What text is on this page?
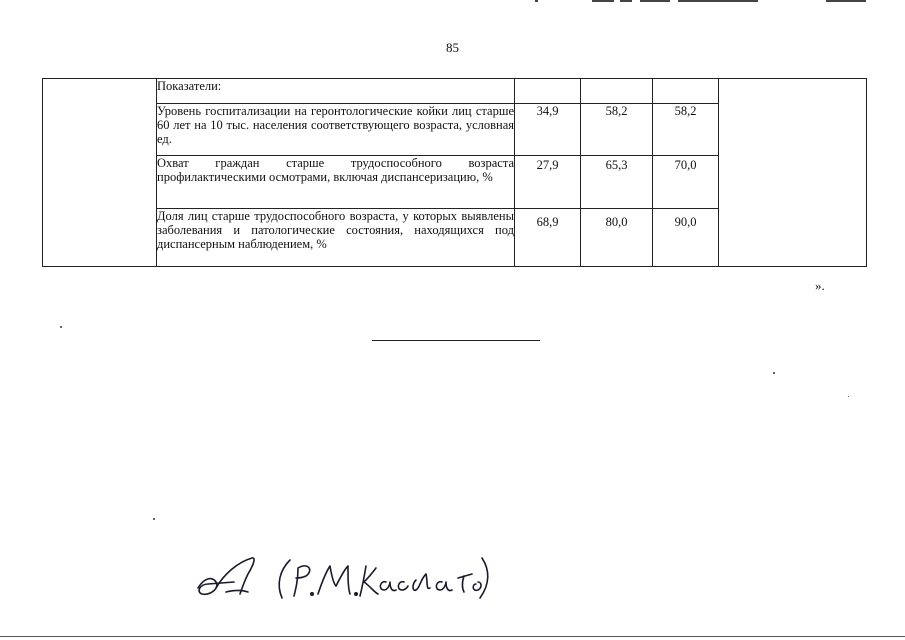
85
	Показатели:				
	Уровень госпитализации на геронтологические койки лиц старше 60 лет на 10 тыс. населения соответствующего возраста, условная ед.	34,9	58,2	58,2	
	Охват граждан старше трудоспособного возраста профилактическими осмотрами, включая диспансеризацию, %	27,9	65,3	70,0	
	Доля лиц старше трудоспособного возраста, у которых выявлены заболевания и патологические состояния, находящихся под диспансерным наблюдением, %	68,9	80,0	90,0	
».
